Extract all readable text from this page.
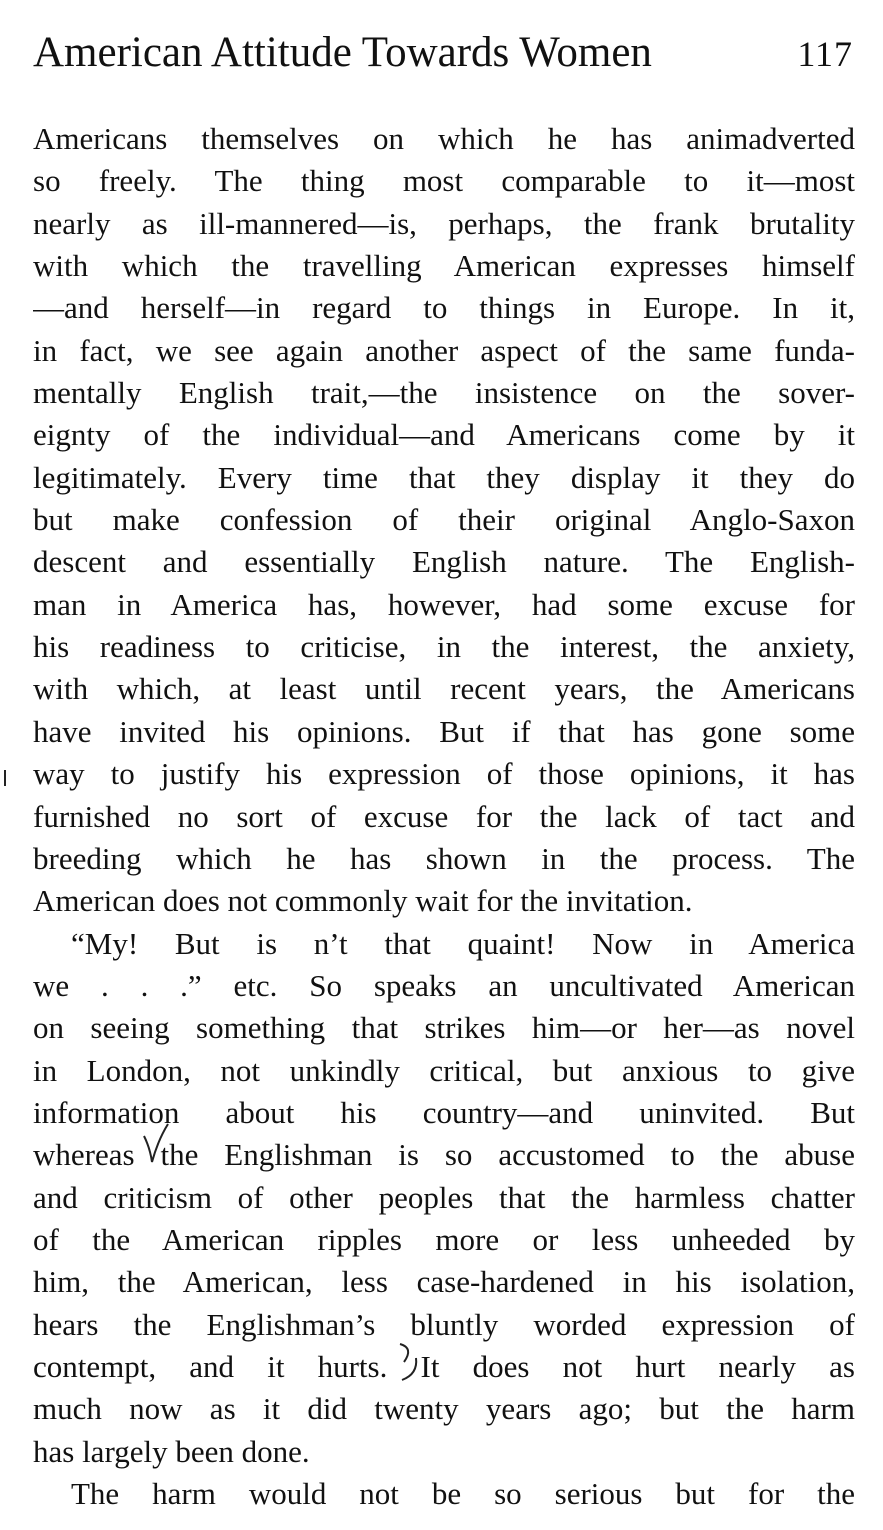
American Attitude Towards Women	117
Americans themselves on which he has animadverted
so freely. The thing most comparable to it—most
nearly as ill-mannered—is, perhaps, the frank brutality
with which the travelling American expresses himself
—and herself—in regard to things in Europe. In it,
in fact, we see again another aspect of the same funda-
mentally English trait,—the insistence on the sover-
eignty of the individual—and Americans come by it
legitimately. Every time that they display it they do
but make confession of their original Anglo-Saxon
descent and essentially English nature. The English-
man in America has, however, had some excuse for
his readiness to criticise, in the interest, the anxiety,
with which, at least until recent years, the Americans
have invited his opinions. But if that has gone some
way to justify his expression of those opinions, it has
furnished no sort of excuse for the lack of tact and
breeding which he has shown in the process. The
American does not commonly wait for the invitation.
“My! But is n’t that quaint! Now in America
we . . .” etc. So speaks an uncultivated American
on seeing something that strikes him—or her—as novel
in London, not unkindly critical, but anxious to give
information about his country—and uninvited. But
whereas the Englishman is so accustomed to the abuse
and criticism of other peoples that the harmless chatter
of the American ripples more or less unheeded by
him, the American, less case-hardened in his isolation,
hears the Englishman’s bluntly worded expression of
contempt, and it hurts. It does not hurt nearly as
much now as it did twenty years ago; but the harm
has largely been done.
The harm would not be so serious but for the
